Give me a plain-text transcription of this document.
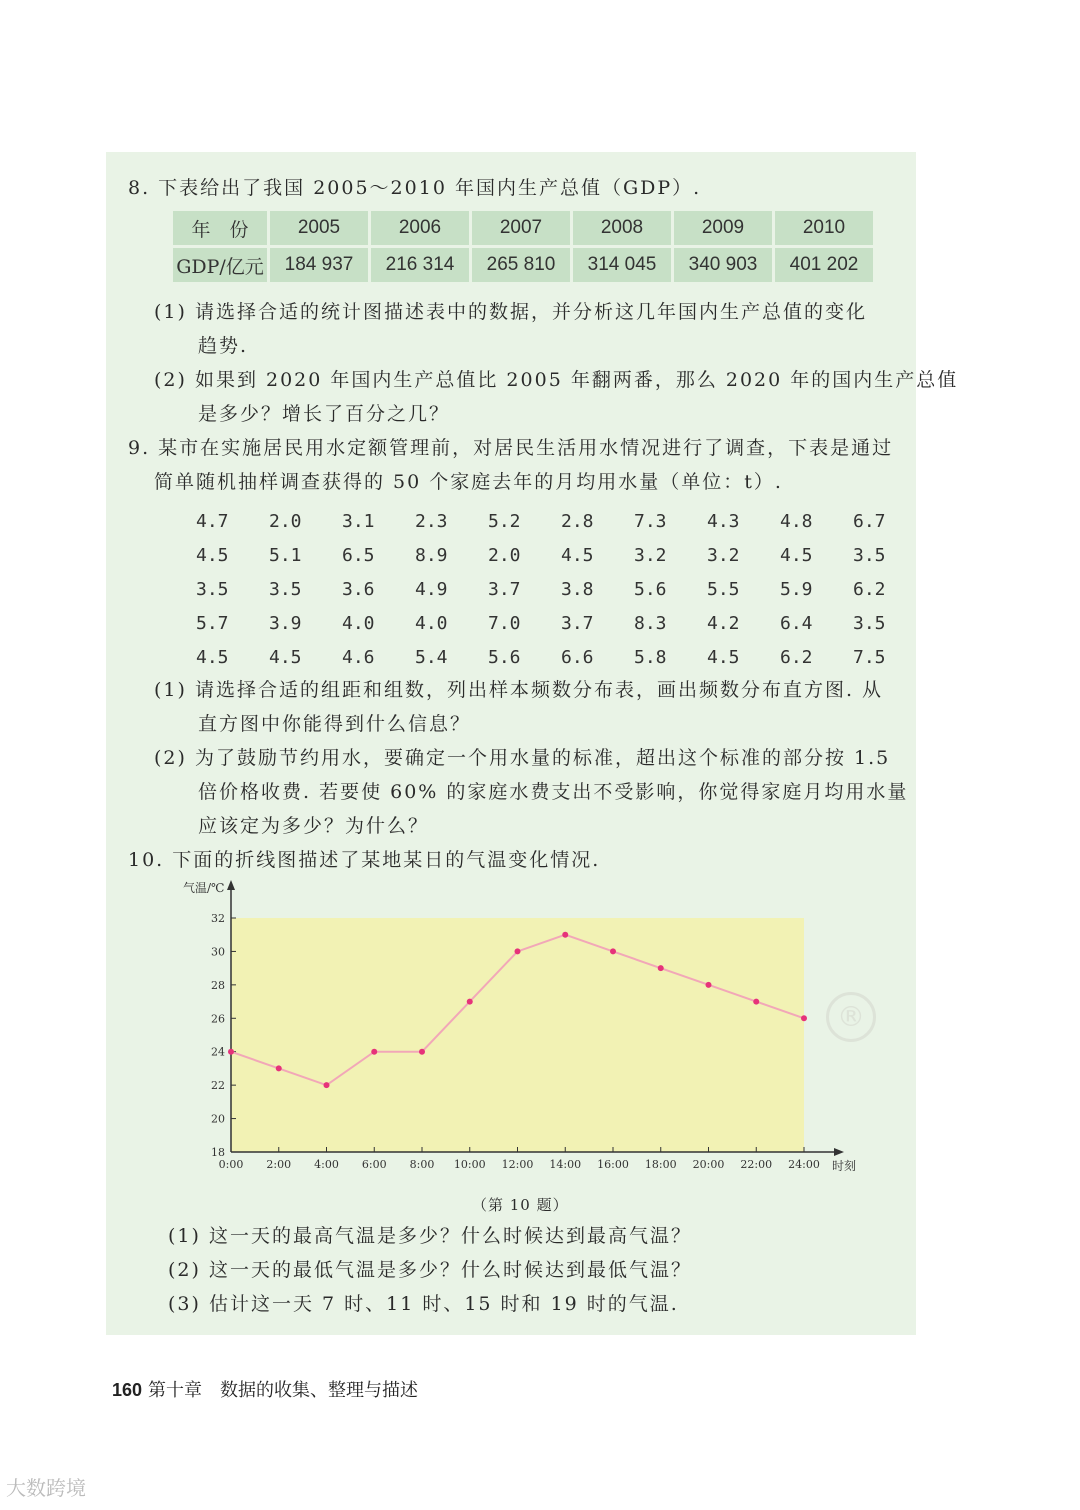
8. 下表给出了我国 2005～2010 年国内生产总值（GDP）.
年　份	2005	2006	2007	2008	2009	2010
GDP/亿元	184 937	216 314	265 810	314 045	340 903	401 202
(1) 请选择合适的统计图描述表中的数据，并分析这几年国内生产总值的变化
趋势.
(2) 如果到 2020 年国内生产总值比 2005 年翻两番，那么 2020 年的国内生产总值
是多少？增长了百分之几？
9. 某市在实施居民用水定额管理前，对居民生活用水情况进行了调查，下表是通过
简单随机抽样调查获得的 50 个家庭去年的月均用水量（单位：t）.
4.7	2.0	3.1	2.3	5.2	2.8	7.3	4.3	4.8	6.7
4.5	5.1	6.5	8.9	2.0	4.5	3.2	3.2	4.5	3.5
3.5	3.5	3.6	4.9	3.7	3.8	5.6	5.5	5.9	6.2
5.7	3.9	4.0	4.0	7.0	3.7	8.3	4.2	6.4	3.5
4.5	4.5	4.6	5.4	5.6	6.6	5.8	4.5	6.2	7.5
(1) 请选择合适的组距和组数，列出样本频数分布表，画出频数分布直方图. 从
直方图中你能得到什么信息？
(2) 为了鼓励节约用水，要确定一个用水量的标准，超出这个标准的部分按 1.5
倍价格收费. 若要使 60% 的家庭水费支出不受影响，你觉得家庭月均用水量
应该定为多少？为什么？
10. 下面的折线图描述了某地某日的气温变化情况.
18
20
22
24
26
28
30
32
0:00 2:00 4:00 6:00 8:00 10:00 12:00 14:00 16:00 18:00 20:00 22:00 24:00
气温/℃
时刻
（第 10 题）
(1) 这一天的最高气温是多少？什么时候达到最高气温？
(2) 这一天的最低气温是多少？什么时候达到最低气温？
(3) 估计这一天 7 时、11 时、15 时和 19 时的气温.
®
160 第十章　数据的收集、整理与描述
大数跨境
